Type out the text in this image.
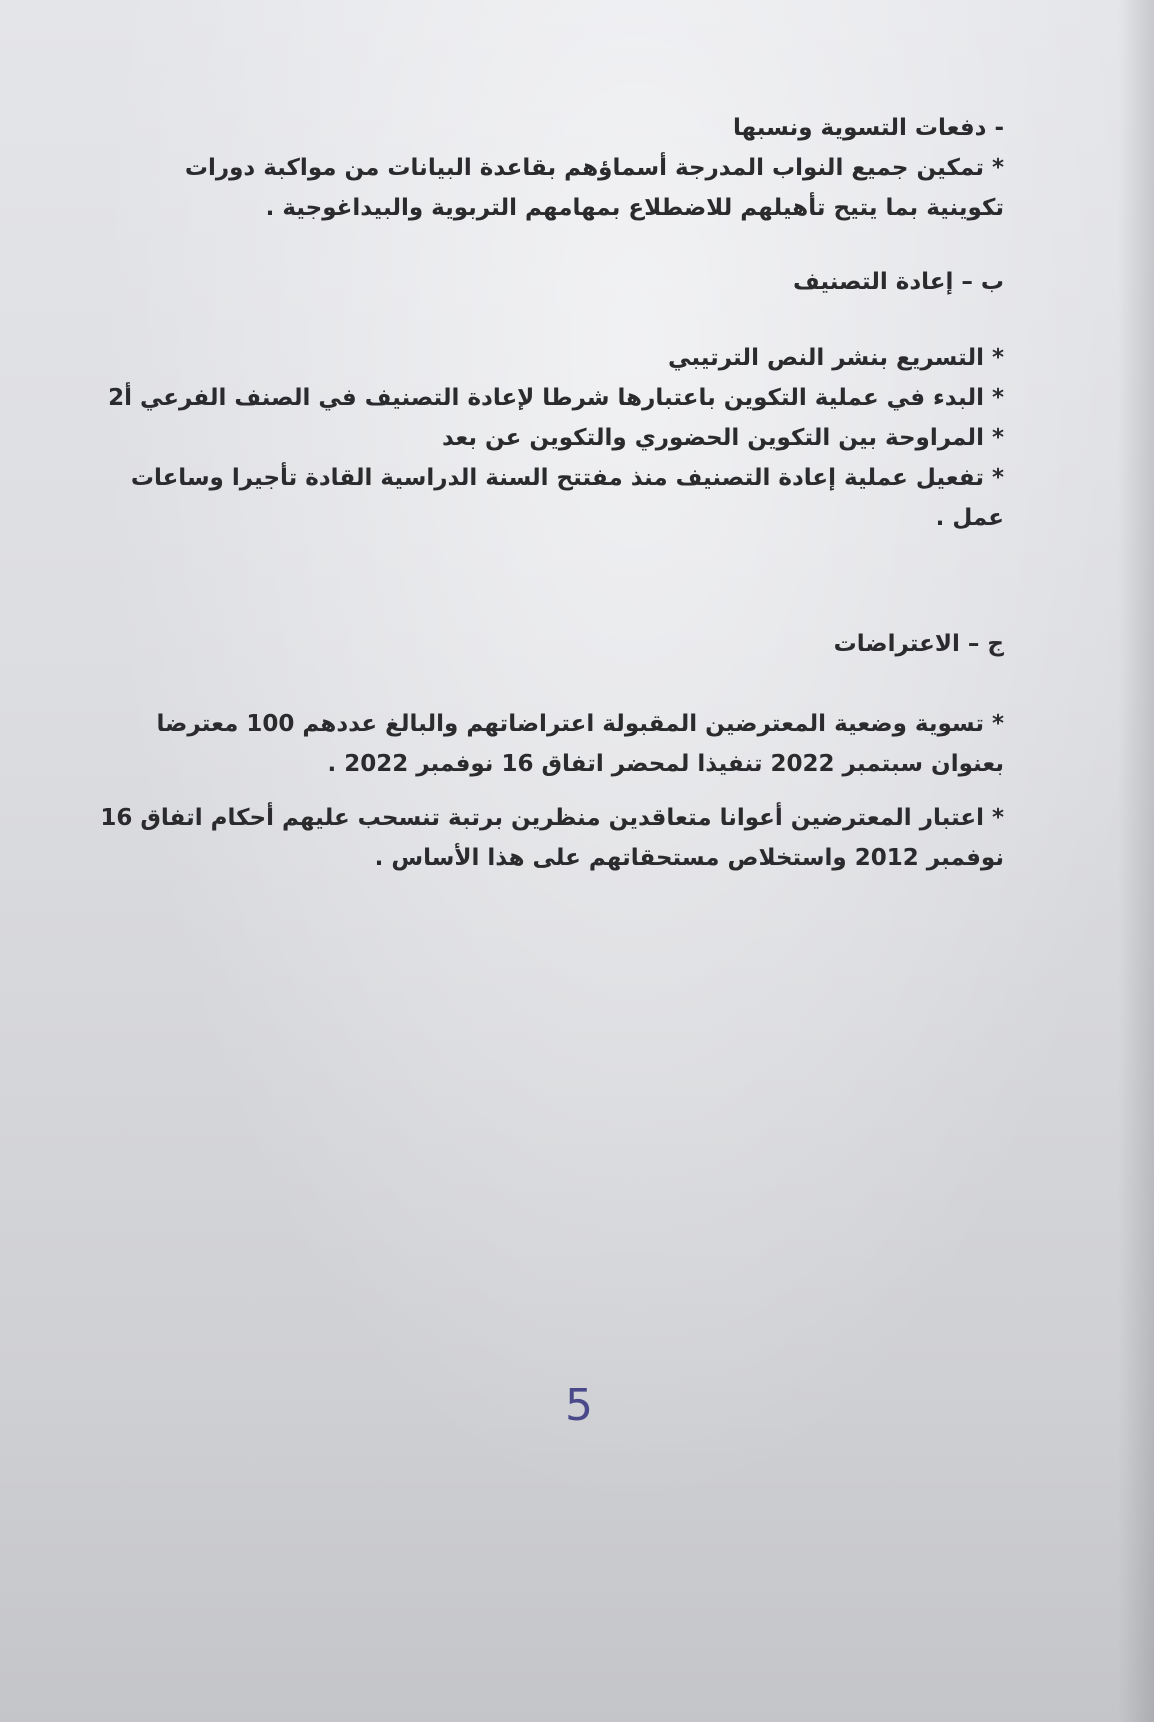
- دفعات التسوية ونسبها
* تمكين جميع النواب المدرجة أسماؤهم بقاعدة البيانات من مواكبة دورات
تكوينية بما يتيح تأهيلهم للاضطلاع بمهامهم التربوية والبيداغوجية .
ب – إعادة التصنيف
* التسريع بنشر النص الترتيبي
* البدء في عملية التكوين باعتبارها شرطا لإعادة التصنيف في الصنف الفرعي أ2
* المراوحة بين التكوين الحضوري والتكوين عن بعد
* تفعيل عملية إعادة التصنيف منذ مفتتح السنة الدراسية القادة تأجيرا وساعات
عمل .
ج – الاعتراضات
* تسوية وضعية المعترضين المقبولة اعتراضاتهم والبالغ عددهم 100 معترضا
بعنوان سبتمبر 2022 تنفيذا لمحضر اتفاق 16 نوفمبر 2022 .
* اعتبار المعترضين أعوانا متعاقدين منظرين برتبة تنسحب عليهم أحكام اتفاق 16
نوفمبر 2012 واستخلاص مستحقاتهم على هذا الأساس .
5
